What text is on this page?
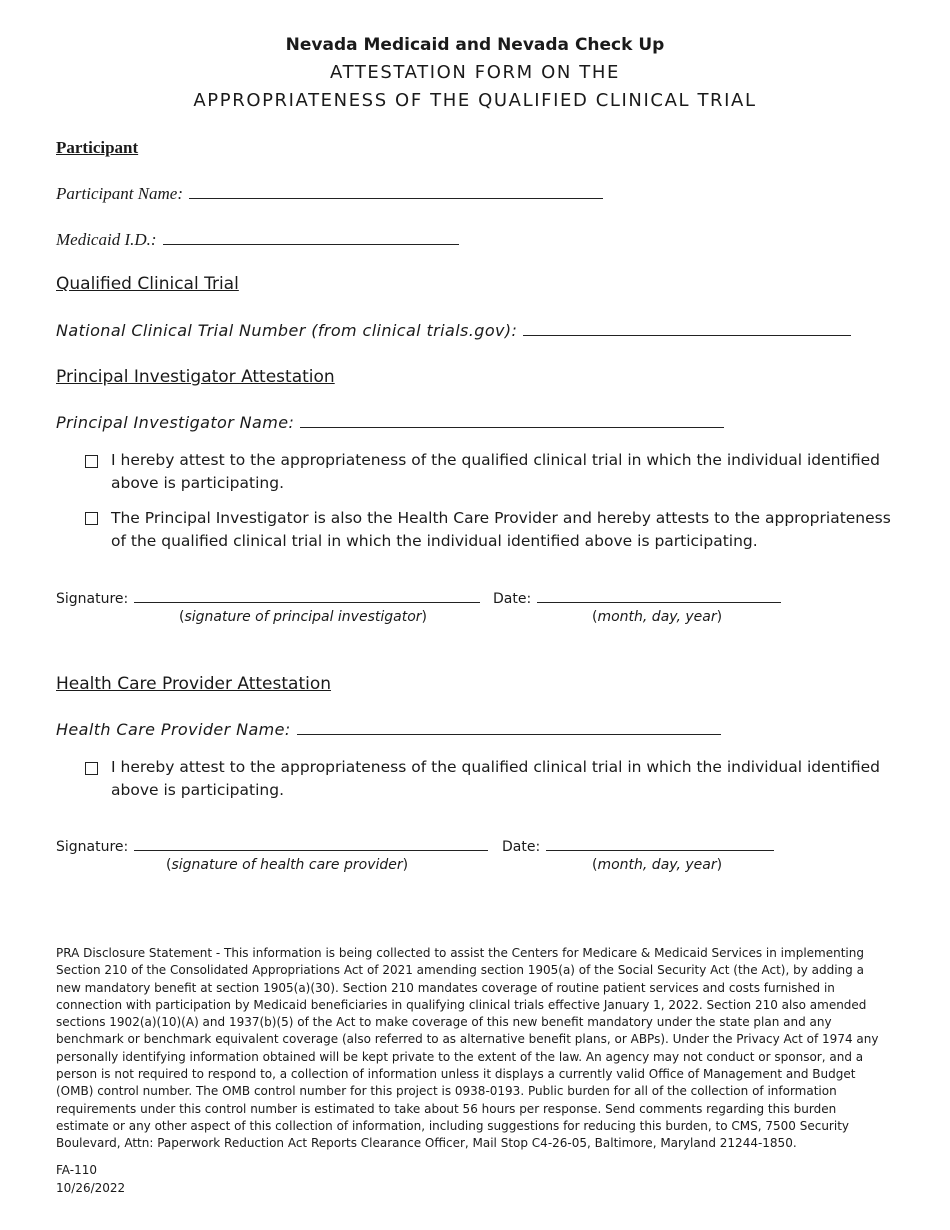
Nevada Medicaid and Nevada Check Up
ATTESTATION FORM ON THE
APPROPRIATENESS OF THE QUALIFIED CLINICAL TRIAL
Participant
Participant Name:
Medicaid I.D.:
Qualified Clinical Trial
National Clinical Trial Number (from clinical trials.gov):
Principal Investigator Attestation
Principal Investigator Name:
I hereby attest to the appropriateness of the qualified clinical trial in which the individual identified above is participating.
The Principal Investigator is also the Health Care Provider and hereby attests to the appropriateness of the qualified clinical trial in which the individual identified above is participating.
Signature:	Date:
(signature of principal investigator)	(month, day, year)
Health Care Provider Attestation
Health Care Provider Name:
I hereby attest to the appropriateness of the qualified clinical trial in which the individual identified above is participating.
Signature:	Date:
(signature of health care provider)	(month, day, year)
PRA Disclosure Statement - This information is being collected to assist the Centers for Medicare & Medicaid Services in implementing Section 210 of the Consolidated Appropriations Act of 2021 amending section 1905(a) of the Social Security Act (the Act), by adding a new mandatory benefit at section 1905(a)(30). Section 210 mandates coverage of routine patient services and costs furnished in connection with participation by Medicaid beneficiaries in qualifying clinical trials effective January 1, 2022. Section 210 also amended sections 1902(a)(10)(A) and 1937(b)(5) of the Act to make coverage of this new benefit mandatory under the state plan and any benchmark or benchmark equivalent coverage (also referred to as alternative benefit plans, or ABPs). Under the Privacy Act of 1974 any personally identifying information obtained will be kept private to the extent of the law. An agency may not conduct or sponsor, and a person is not required to respond to, a collection of information unless it displays a currently valid Office of Management and Budget (OMB) control number. The OMB control number for this project is 0938-0193. Public burden for all of the collection of information requirements under this control number is estimated to take about 56 hours per response. Send comments regarding this burden estimate or any other aspect of this collection of information, including suggestions for reducing this burden, to CMS, 7500 Security Boulevard, Attn: Paperwork Reduction Act Reports Clearance Officer, Mail Stop C4-26-05, Baltimore, Maryland 21244-1850.
FA-110
10/26/2022
